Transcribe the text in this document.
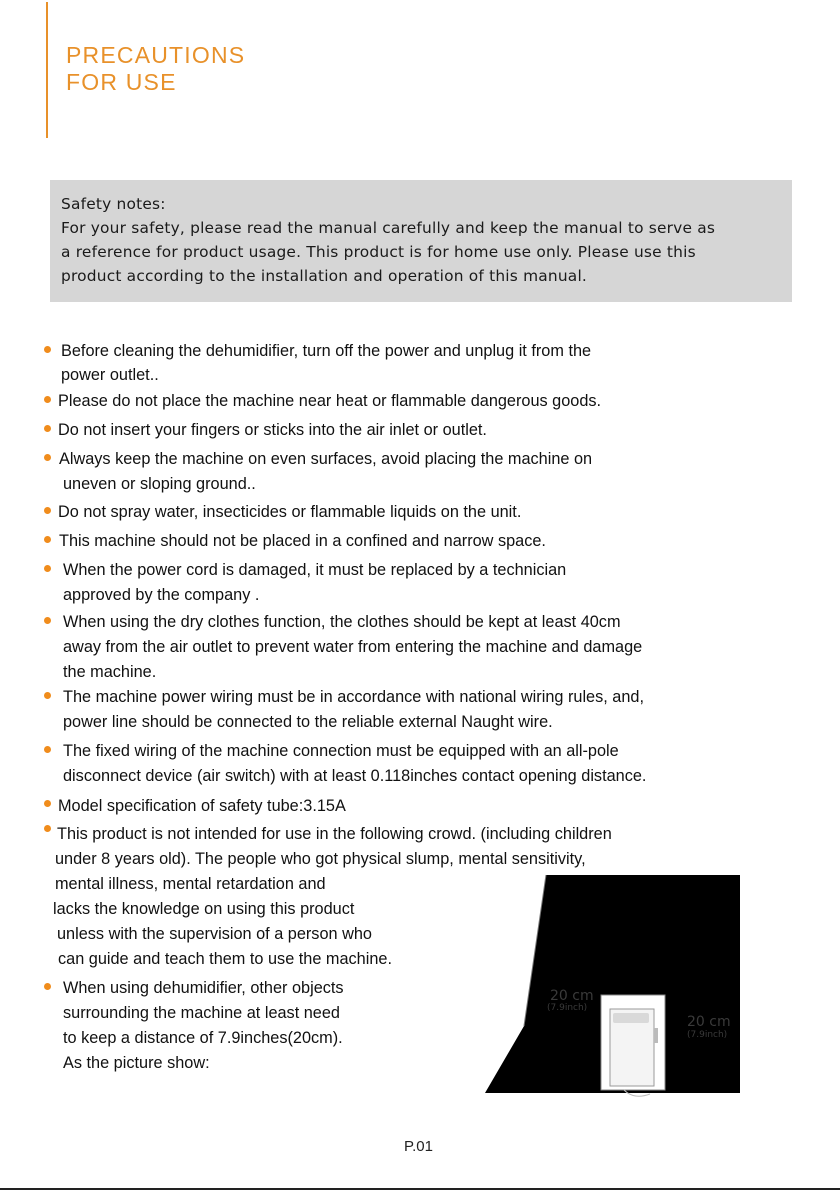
PRECAUTIONS
FOR USE
Safety notes:
For your safety, please read the manual carefully and keep the manual to serve as
a reference for product usage. This product is for home use only. Please use this
product according to the installation and operation of this manual.
Before cleaning the dehumidifier, turn off the power and unplug it from the
power outlet..
Please do not place the machine near heat or flammable dangerous goods.
Do not insert your fingers or sticks into the air inlet or outlet.
Always keep the machine on even surfaces, avoid placing the machine on
uneven or sloping ground..
Do not spray water, insecticides or flammable liquids on the unit.
This machine should not be placed in a confined and narrow space.
When the power cord is damaged, it must be replaced by a technician
approved by the company .
When using the dry clothes function, the clothes should be kept at least 40cm
away from the air outlet to prevent water from entering the machine and damage
the machine.
The machine power wiring must be in accordance with national wiring rules, and,
power line should be connected to the reliable external Naught wire.
The fixed wiring of the machine connection must be equipped with an all-pole
disconnect device (air switch) with at least 0.118inches contact opening distance.
Model specification of safety tube:3.15A
This product is not intended for use in the following crowd. (including children
under 8 years old). The people who got physical slump, mental sensitivity,
mental illness, mental retardation and
lacks the knowledge on using this product
unless with the supervision of a person who
can guide and teach them to use the machine.
When using dehumidifier, other objects
surrounding the machine at least need
to keep a distance of 7.9inches(20cm).
As the picture show:
20 cm
(7.9inch)
20 cm
(7.9inch)
P.01
